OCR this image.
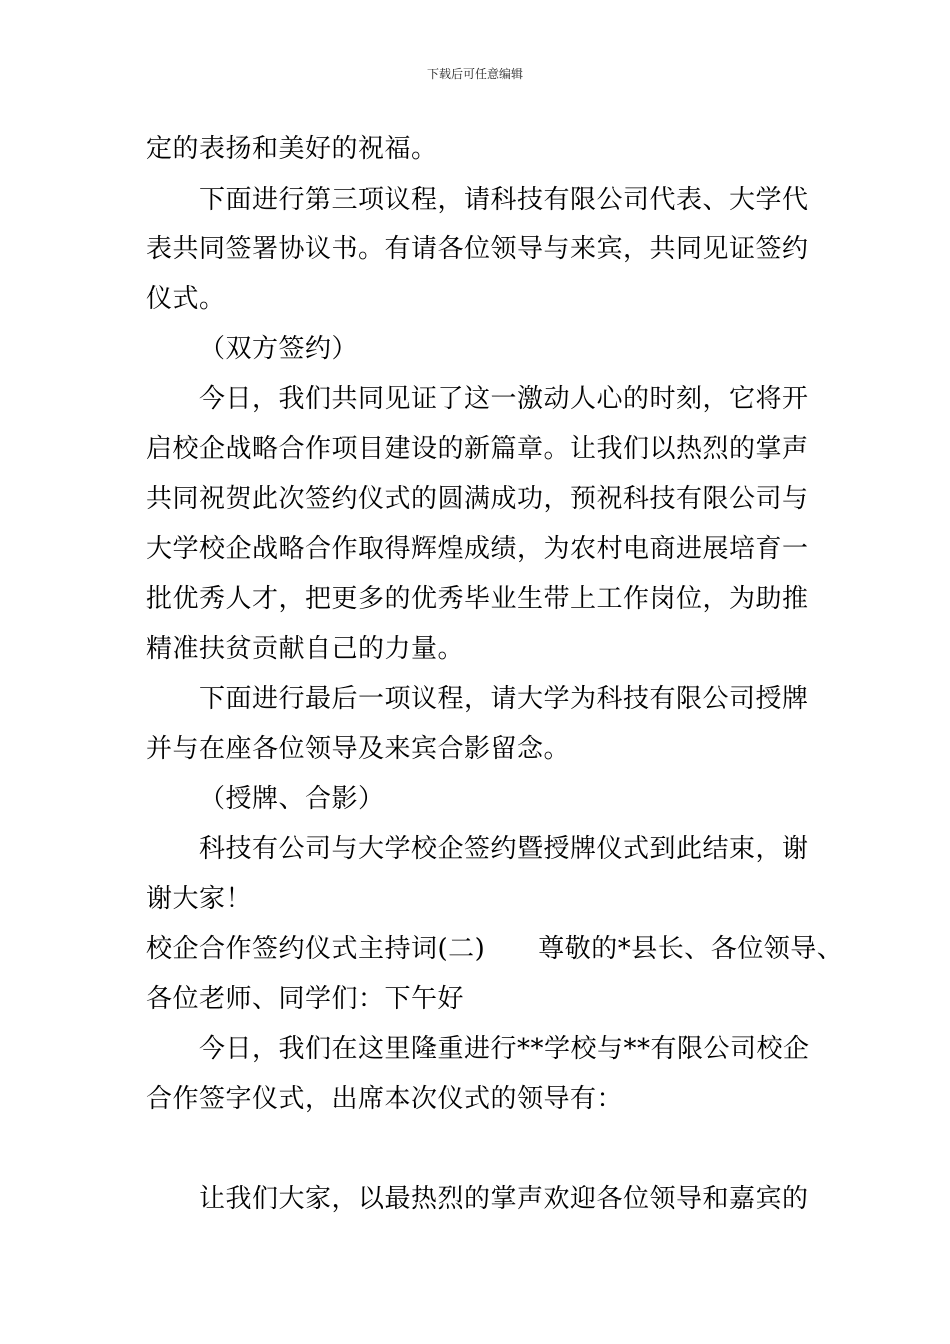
下载后可任意编辑
定的表扬和美好的祝福。
下面进行第三项议程，请科技有限公司代表、大学代
表共同签署协议书。有请各位领导与来宾，共同见证签约
仪式。
（双方签约）
今日，我们共同见证了这一激动人心的时刻，它将开
启校企战略合作项目建设的新篇章。让我们以热烈的掌声
共同祝贺此次签约仪式的圆满成功，预祝科技有限公司与
大学校企战略合作取得辉煌成绩，为农村电商进展培育一
批优秀人才，把更多的优秀毕业生带上工作岗位，为助推
精准扶贫贡献自己的力量。
下面进行最后一项议程，请大学为科技有限公司授牌
并与在座各位领导及来宾合影留念。
（授牌、合影）
科技有公司与大学校企签约暨授牌仪式到此结束，谢
谢大家！
校企合作签约仪式主持词(二)　　尊敬的*县长、各位领导、
各位老师、同学们：下午好
今日，我们在这里隆重进行**学校与**有限公司校企
合作签字仪式，出席本次仪式的领导有：
让我们大家，以最热烈的掌声欢迎各位领导和嘉宾的
